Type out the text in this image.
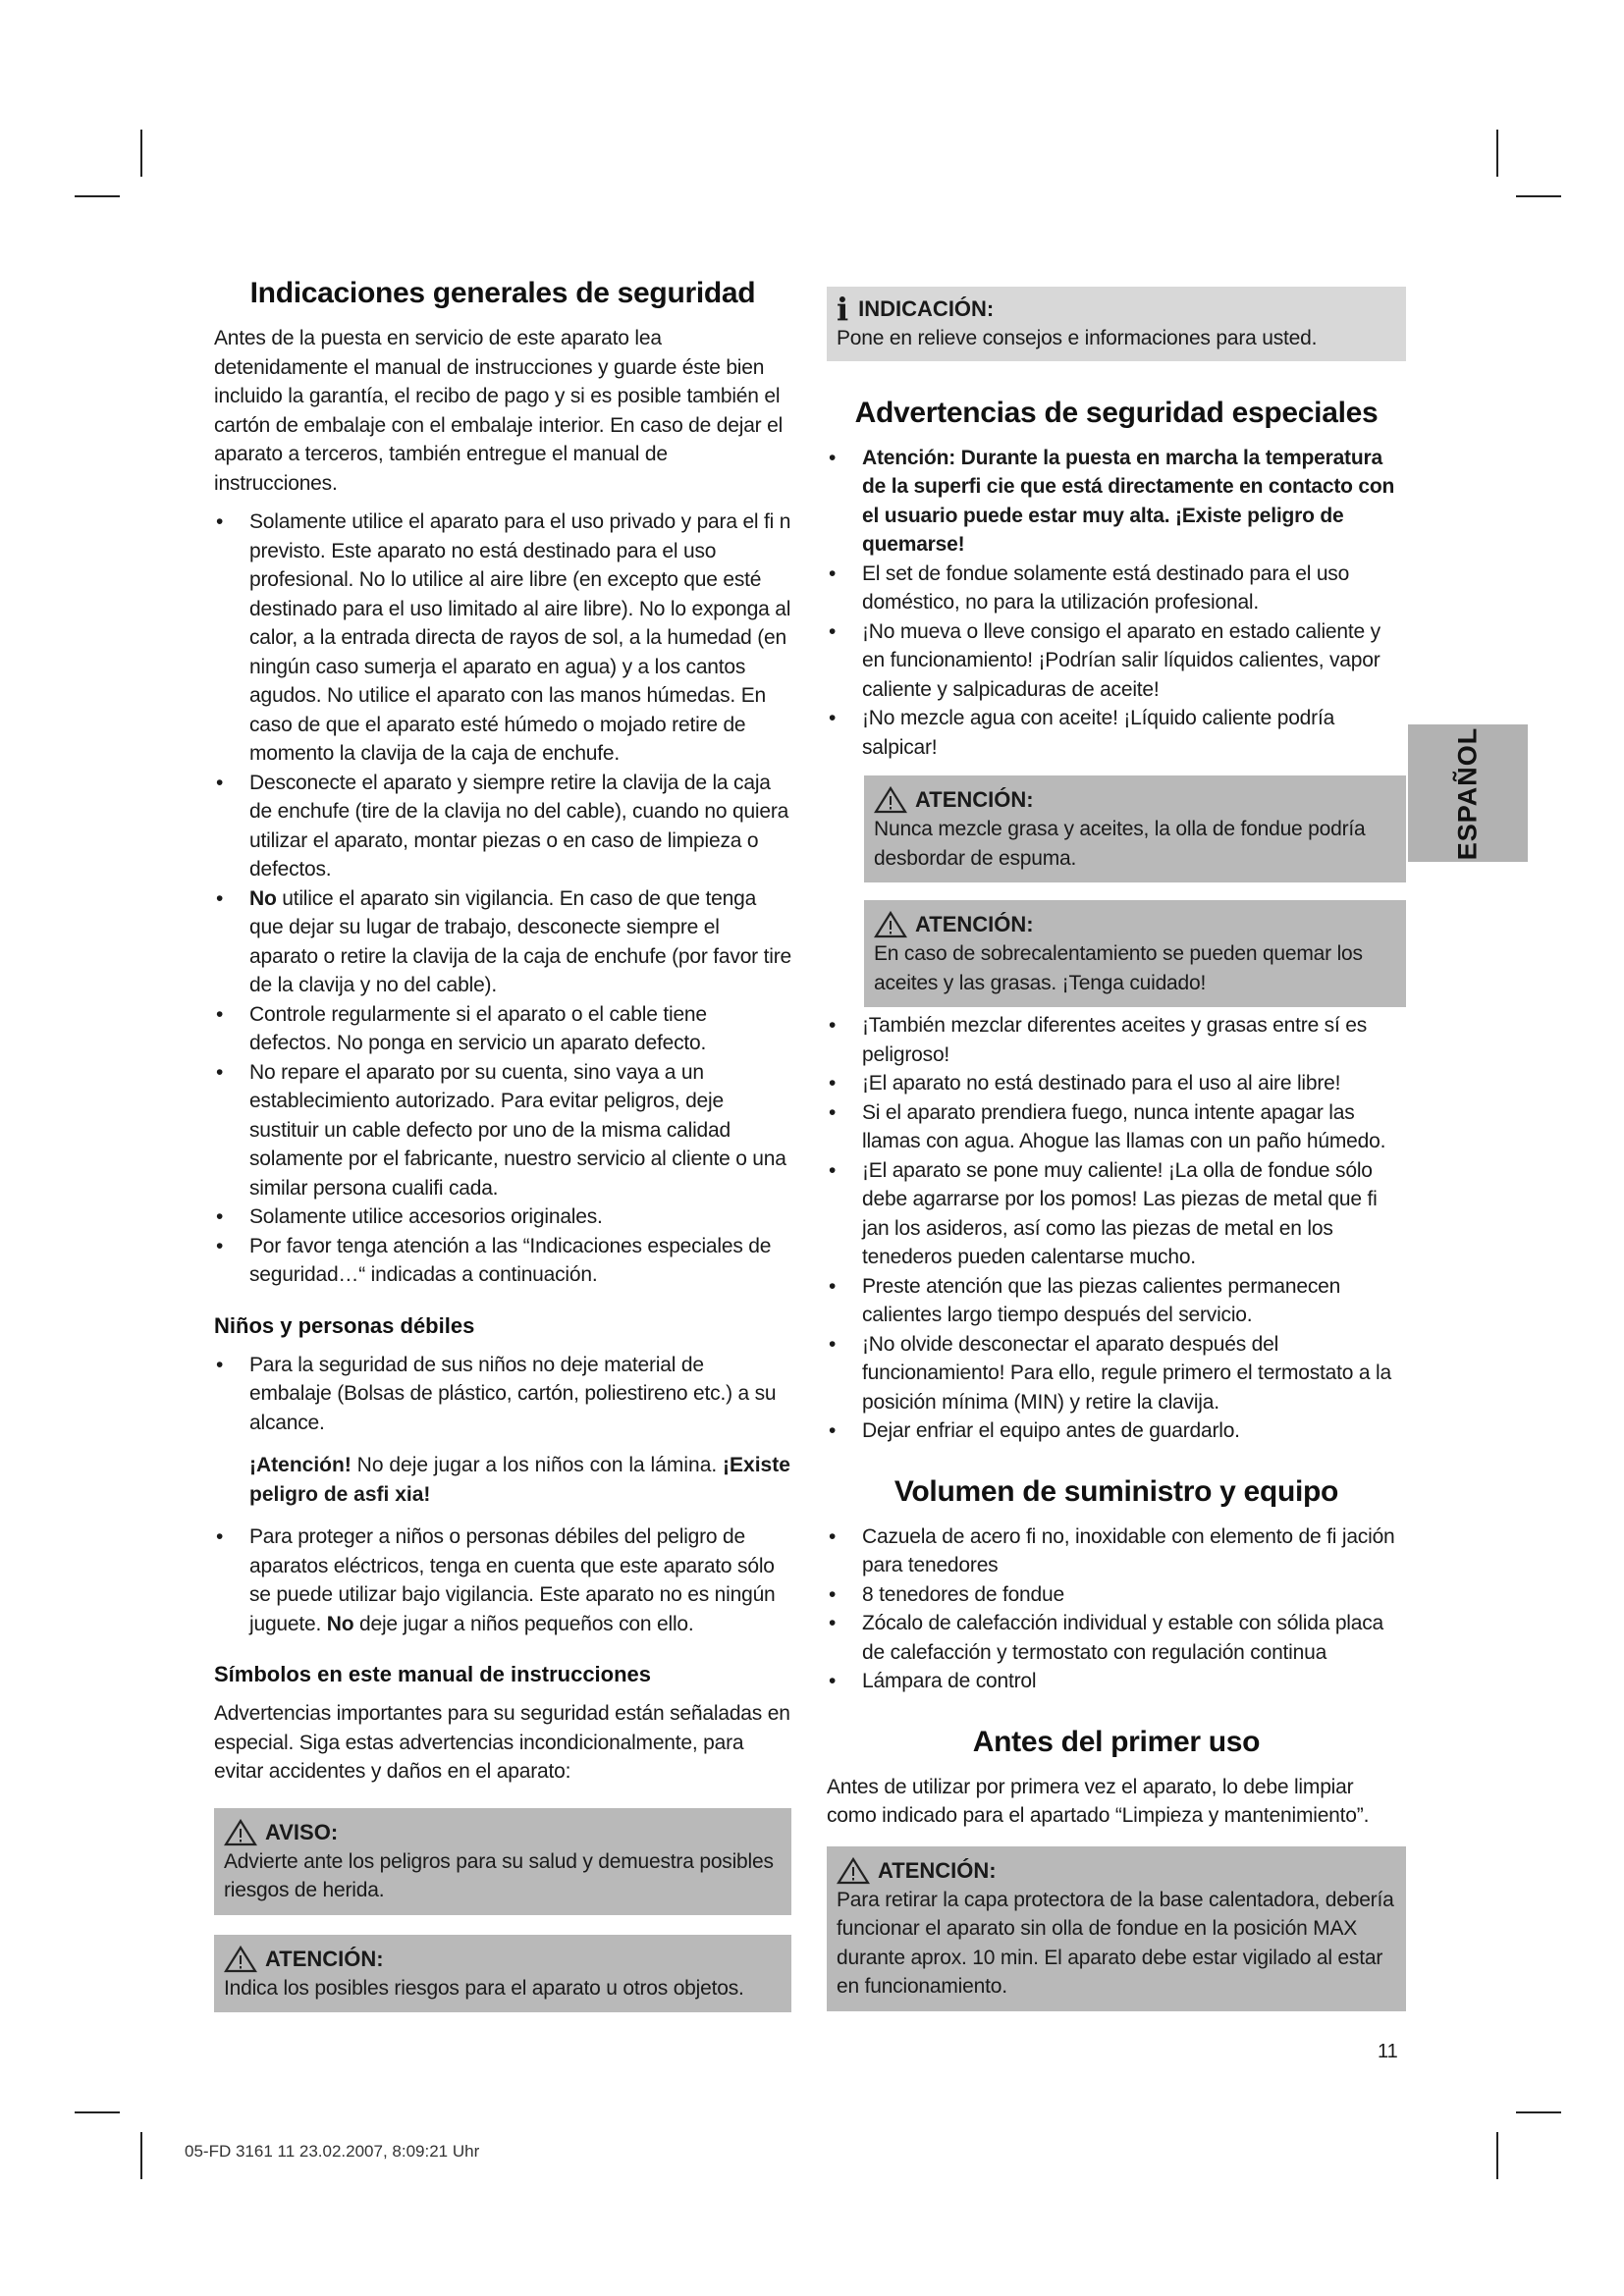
Indicaciones generales de seguridad

Antes de la puesta en servicio de este aparato lea detenidamente el manual de instrucciones y guarde éste bien incluido la garantía, el recibo de pago y si es posible también el cartón de embalaje con el embalaje interior. En caso de dejar el aparato a terceros, también entregue el manual de instrucciones.

• Solamente utilice el aparato para el uso privado y para el fi n previsto. Este aparato no está destinado para el uso profesional. No lo utilice al aire libre (en excepto que esté destinado para el uso limitado al aire libre). No lo exponga al calor, a la entrada directa de rayos de sol, a la humedad (en ningún caso sumerja el aparato en agua) y a los cantos agudos. No utilice el aparato con las manos húmedas. En caso de que el aparato esté húmedo o mojado retire de momento la clavija de la caja de enchufe.
• Desconecte el aparato y siempre retire la clavija de la caja de enchufe (tire de la clavija no del cable), cuando no quiera utilizar el aparato, montar piezas o en caso de limpieza o defectos.
• No utilice el aparato sin vigilancia. En caso de que tenga que dejar su lugar de trabajo, desconecte siempre el aparato o retire la clavija de la caja de enchufe (por favor tire de la clavija y no del cable).
• Controle regularmente si el aparato o el cable tiene defectos. No ponga en servicio un aparato defecto.
• No repare el aparato por su cuenta, sino vaya a un establecimiento autorizado. Para evitar peligros, deje sustituir un cable defecto por uno de la misma calidad solamente por el fabricante, nuestro servicio al cliente o una similar persona cualifi cada.
• Solamente utilice accesorios originales.
• Por favor tenga atención a las “Indicaciones especiales de seguridad…“ indicadas a continuación.
Niños y personas débiles
• Para la seguridad de sus niños no deje material de embalaje (Bolsas de plástico, cartón, poliestireno etc.) a su alcance.
¡Atención! No deje jugar a los niños con la lámina. ¡Existe peligro de asfi xia!
• Para proteger a niños o personas débiles del peligro de aparatos eléctricos, tenga en cuenta que este aparato sólo se puede utilizar bajo vigilancia. Este aparato no es ningún juguete. No deje jugar a niños pequeños con ello.
Símbolos en este manual de instrucciones

Advertencias importantes para su seguridad están señaladas en especial. Siga estas advertencias incondicionalmente, para evitar accidentes y daños en el aparato:

AVISO:

Advierte ante los peligros para su salud y demuestra posibles riesgos de herida.

ATENCIÓN:

Indica los posibles riesgos para el aparato u otros objetos.

i INDICACIÓN:

Pone en relieve consejos e informaciones para usted.

Advertencias de seguridad especiales
• Atención: Durante la puesta en marcha la temperatura de la superfi cie que está directamente en contacto con el usuario puede estar muy alta. ¡Existe peligro de quemarse!
• El set de fondue solamente está destinado para el uso doméstico, no para la utilización profesional.
• ¡No mueva o lleve consigo el aparato en estado caliente y en funcionamiento! ¡Podrían salir líquidos calientes, vapor caliente y salpicaduras de aceite!
• ¡No mezcle agua con aceite! ¡Líquido caliente podría salpicar!
ATENCIÓN:

Nunca mezcle grasa y aceites, la olla de fondue podría desbordar de espuma.

ATENCIÓN:

En caso de sobrecalentamiento se pueden quemar los aceites y las grasas. ¡Tenga cuidado!

• ¡También mezclar diferentes aceites y grasas entre sí es peligroso!
• ¡El aparato no está destinado para el uso al aire libre!
• Si el aparato prendiera fuego, nunca intente apagar las llamas con agua. Ahogue las llamas con un paño húmedo.
• ¡El aparato se pone muy caliente! ¡La olla de fondue sólo debe agarrarse por los pomos! Las piezas de metal que fi jan los asideros, así como las piezas de metal en los tenederos pueden calentarse mucho.
• Preste atención que las piezas calientes permanecen calientes largo tiempo después del servicio.
• ¡No olvide desconectar el aparato después del funcionamiento! Para ello, regule primero el termostato a la posición mínima (MIN) y retire la clavija.
• Dejar enfriar el equipo antes de guardarlo.
Volumen de suministro y equipo
• Cazuela de acero fi no, inoxidable con elemento de fi jación para tenedores
• 8 tenedores de fondue
• Zócalo de calefacción individual y estable con sólida placa de calefacción y termostato con regulación continua
• Lámpara de control
Antes del primer uso

Antes de utilizar por primera vez el aparato, lo debe limpiar como indicado para el apartado “Limpieza y mantenimiento”.

ATENCIÓN:

Para retirar la capa protectora de la base calentadora, debería funcionar el aparato sin olla de fondue en la posición MAX durante aprox. 10 min. El aparato debe estar vigilado al estar en funcionamiento.

ESPAÑOL
11
05-FD 3161 11 23.02.2007, 8:09:21 Uhr
